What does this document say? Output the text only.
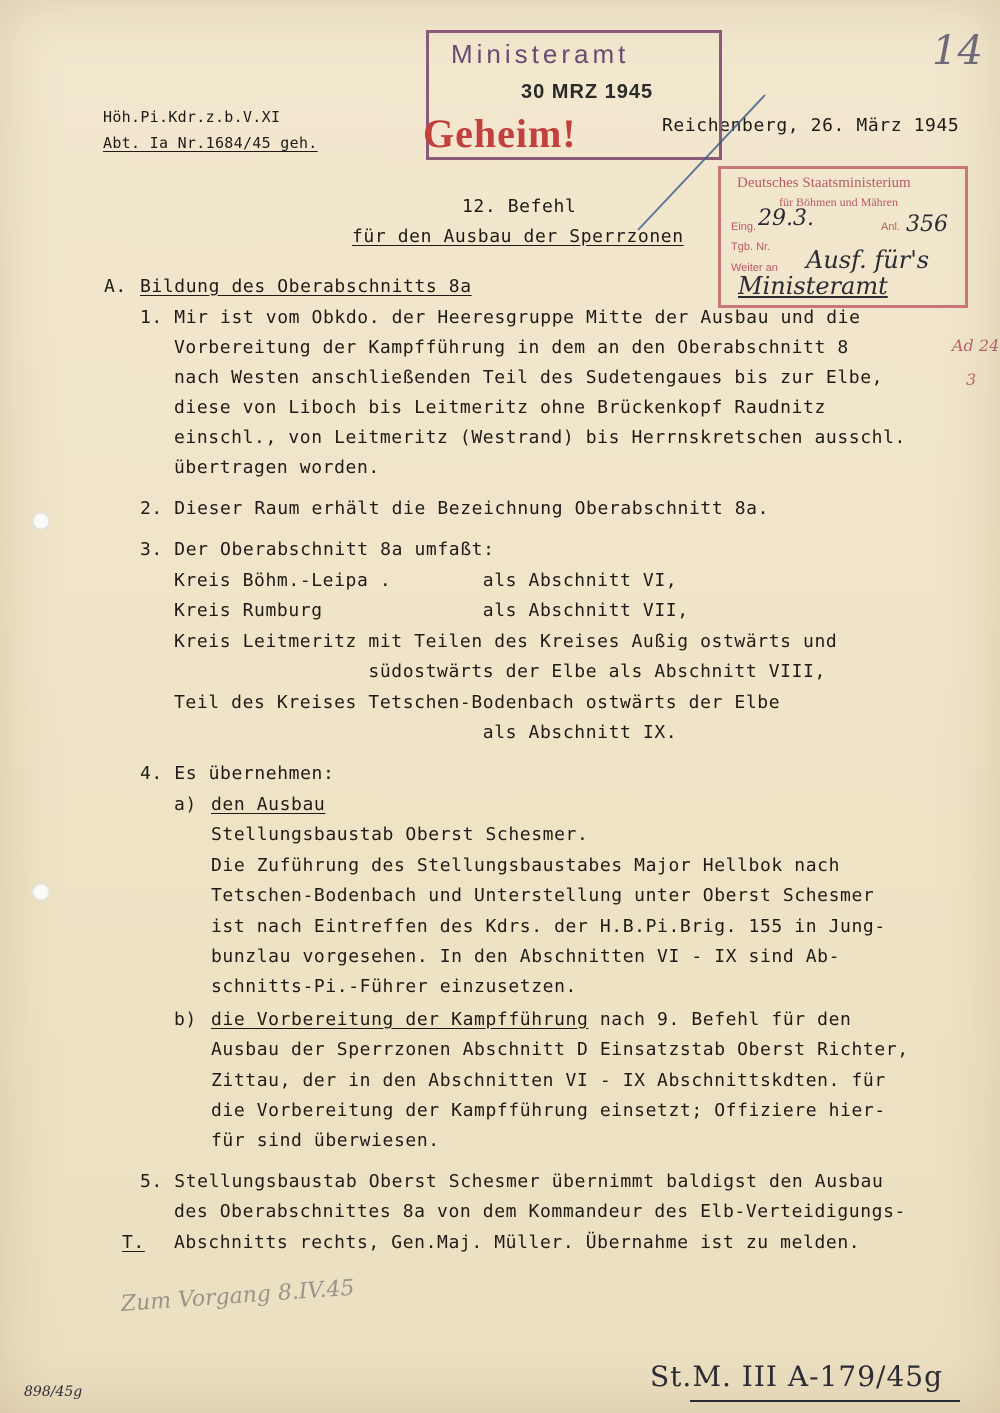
14
Höh.Pi.Kdr.z.b.V.XI
Abt. Ia Nr.1684/45 geh.
Reichenberg, 26. März 1945
Ministeramt
30 MRZ 1945
Geheim!
Deutsches Staatsministerium
für Böhmen und Mähren
Eing.	Anl.
Tgb. Nr.
Weiter an
29.3.	356
Ausf. für's
Ministeramt
Ad 24
3
12. Befehl
für den Ausbau der Sperrzonen
A. Bildung des Oberabschnitts 8a
1. Mir ist vom Obkdo. der Heeresgruppe Mitte der Ausbau und die
Vorbereitung der Kampfführung in dem an den Oberabschnitt 8
nach Westen anschließenden Teil des Sudetengaues bis zur Elbe,
diese von Liboch bis Leitmeritz ohne Brückenkopf Raudnitz
einschl., von Leitmeritz (Westrand) bis Herrnskretschen ausschl.
übertragen worden.
2. Dieser Raum erhält die Bezeichnung Oberabschnitt 8a.
3. Der Oberabschnitt 8a umfaßt:
Kreis Böhm.-Leipa .        als Abschnitt VI,
Kreis Rumburg              als Abschnitt VII,
Kreis Leitmeritz mit Teilen des Kreises Außig ostwärts und
südostwärts der Elbe als Abschnitt VIII,
Teil des Kreises Tetschen-Bodenbach ostwärts der Elbe
als Abschnitt IX.
4. Es übernehmen:
a) den Ausbau
Stellungsbaustab Oberst Schesmer.
Die Zuführung des Stellungsbaustabes Major Hellbok nach
Tetschen-Bodenbach und Unterstellung unter Oberst Schesmer
ist nach Eintreffen des Kdrs. der H.B.Pi.Brig. 155 in Jung-
bunzlau vorgesehen. In den Abschnitten VI - IX sind Ab-
schnitts-Pi.-Führer einzusetzen.
b) die Vorbereitung der Kampfführung nach 9. Befehl für den
Ausbau der Sperrzonen Abschnitt D Einsatzstab Oberst Richter,
Zittau, der in den Abschnitten VI - IX Abschnittskdten. für
die Vorbereitung der Kampfführung einsetzt; Offiziere hier-
für sind überwiesen.
5. Stellungsbaustab Oberst Schesmer übernimmt baldigst den Ausbau
des Oberabschnittes 8a von dem Kommandeur des Elb-Verteidigungs-
Abschnitts rechts, Gen.Maj. Müller. Übernahme ist zu melden.
T.
Zum Vorgang 8.IV.45
898/45g	St.M. III A-179/45g
